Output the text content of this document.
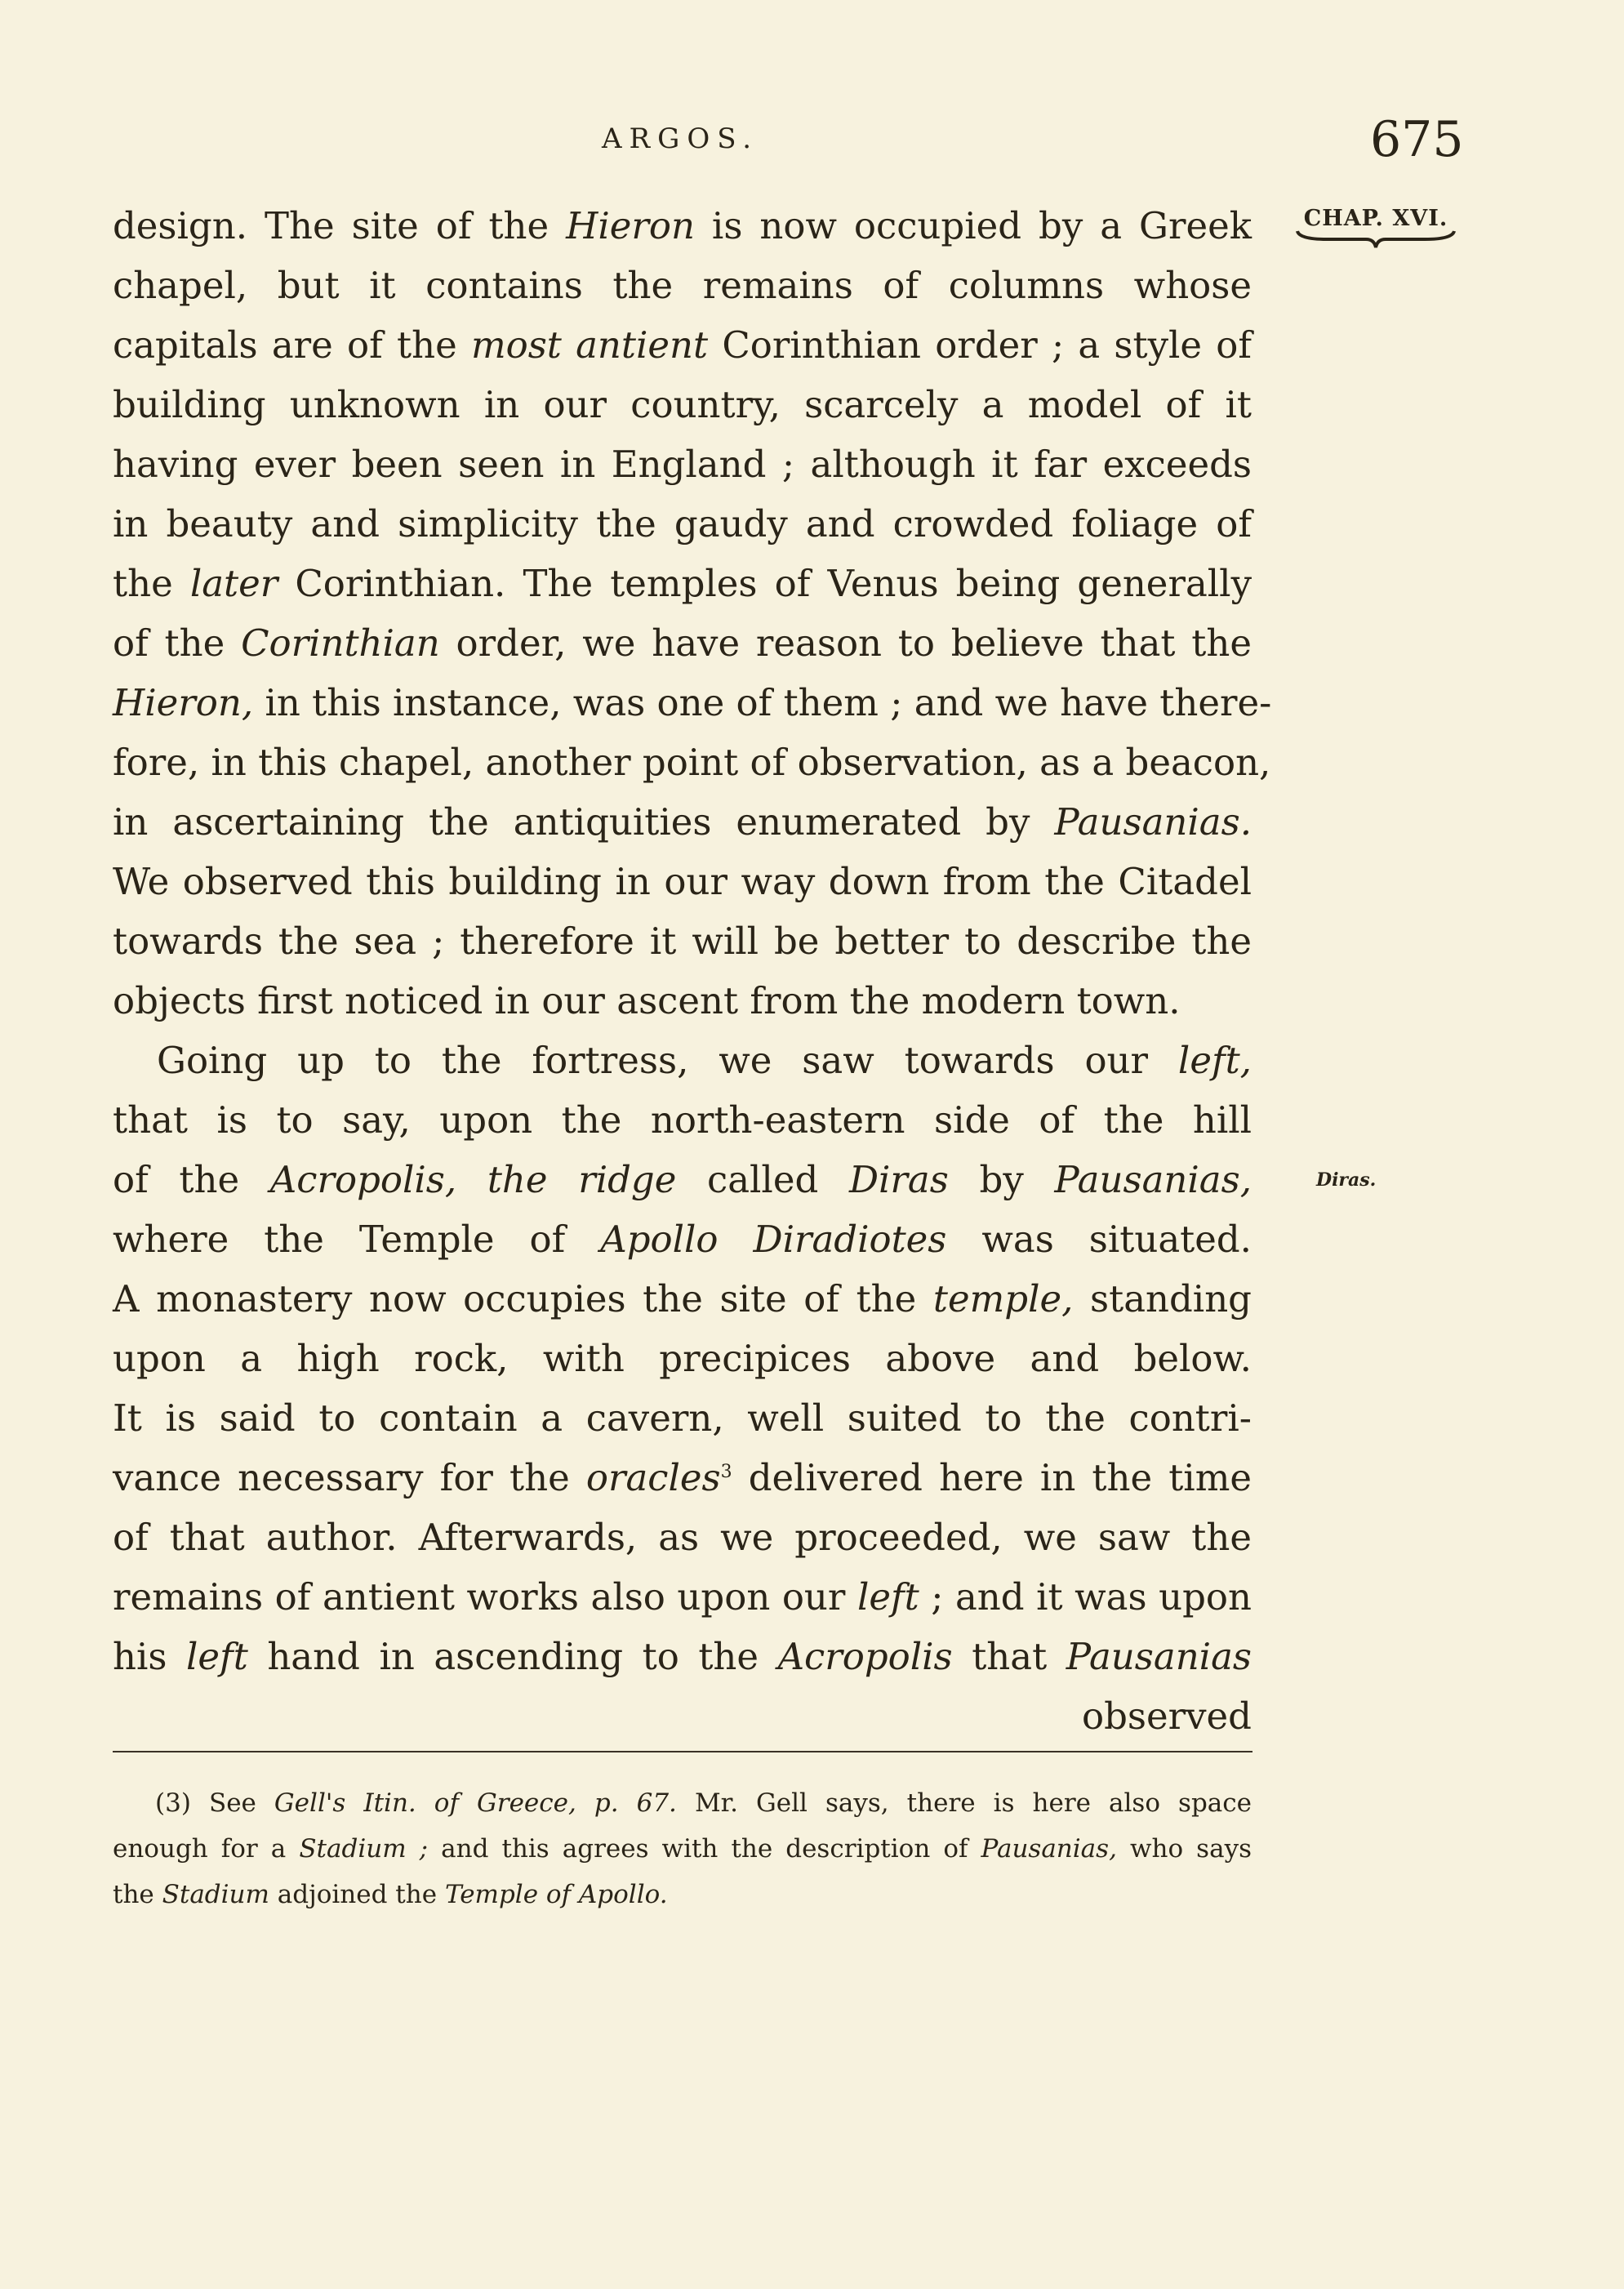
ARGOS.	675
CHAP. XVI.
design. The site of the Hieron is now occupied by a Greek
chapel, but it contains the remains of columns whose
capitals are of the most antient Corinthian order ; a style of
building unknown in our country, scarcely a model of it
having ever been seen in England ; although it far exceeds
in beauty and simplicity the gaudy and crowded foliage of
the later Corinthian. The temples of Venus being generally
of the Corinthian order, we have reason to believe that the
Hieron, in this instance, was one of them ; and we have there-
fore, in this chapel, another point of observation, as a beacon,
in ascertaining the antiquities enumerated by Pausanias.
We observed this building in our way down from the Citadel
towards the sea ; therefore it will be better to describe the
objects first noticed in our ascent from the modern town.
Going up to the fortress, we saw towards our left,
that is to say, upon the north-eastern side of the hill
of the Acropolis, the ridge called Diras by Pausanias,
where the Temple of Apollo Diradiotes was situated.
A monastery now occupies the site of the temple, standing
upon a high rock, with precipices above and below.
It is said to contain a cavern, well suited to the contri-
vance necessary for the oracles$^3$ delivered here in the time
of that author. Afterwards, as we proceeded, we saw the
remains of antient works also upon our left ; and it was upon
his left hand in ascending to the Acropolis that Pausanias
observed
Diras.
(3) See Gell's Itin. of Greece, p. 67. Mr. Gell says, there is here also space
enough for a Stadium ; and this agrees with the description of Pausanias, who says
the Stadium adjoined the Temple of Apollo.
